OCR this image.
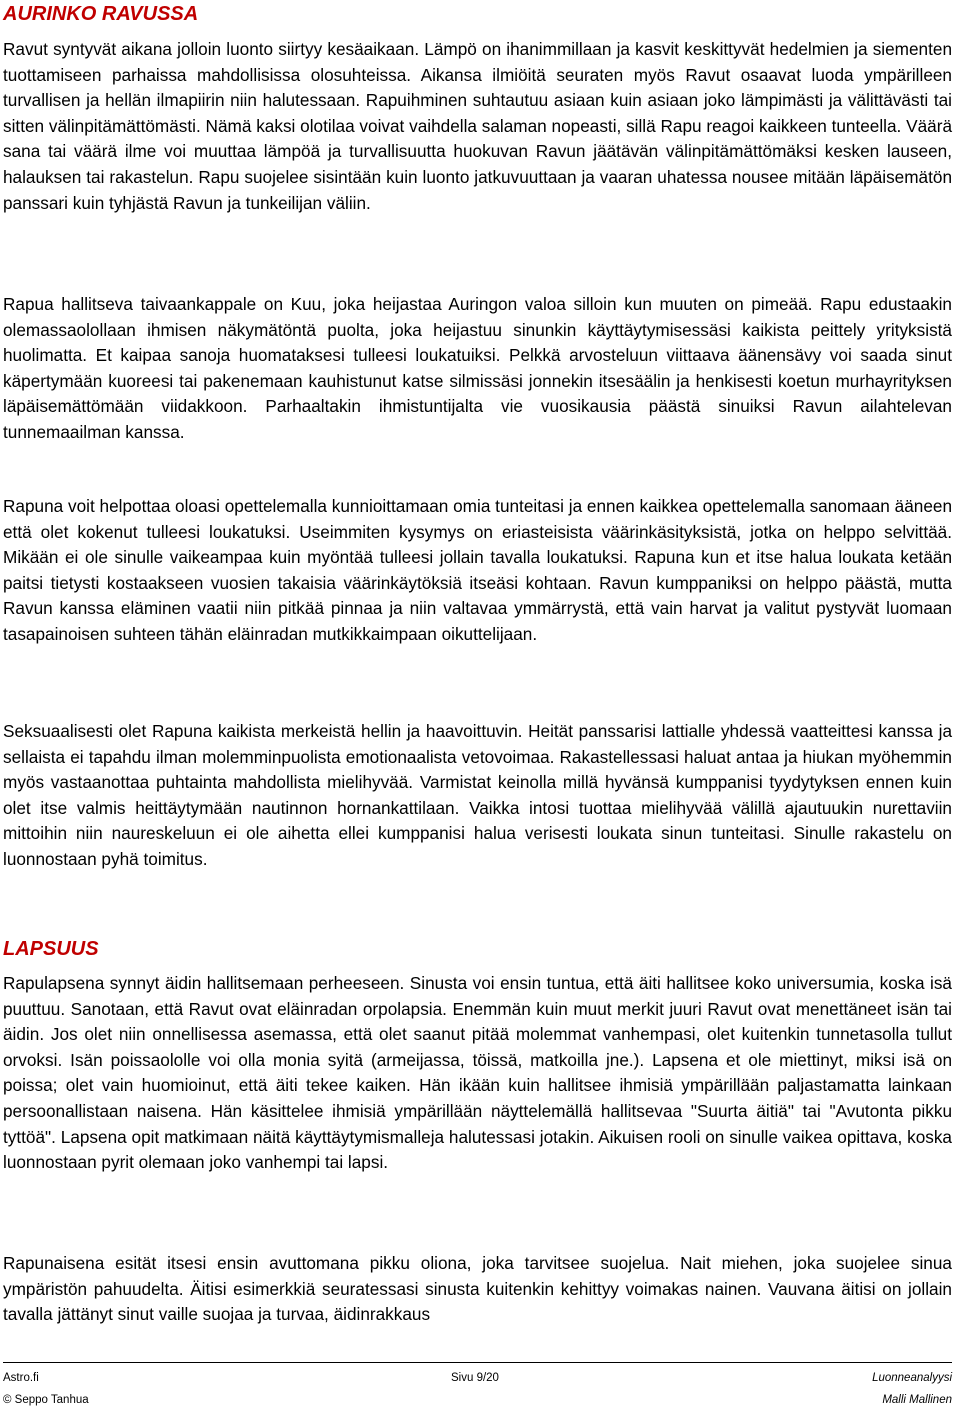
AURINKO RAVUSSA

Ravut syntyvät aikana jolloin luonto siirtyy kesäaikaan. Lämpö on ihanimmillaan ja kasvit keskittyvät hedelmien ja siementen tuottamiseen parhaissa mahdollisissa olosuhteissa. Aikansa ilmiöitä seuraten myös Ravut osaavat luoda ympärilleen turvallisen ja hellän ilmapiirin niin halutessaan. Rapuihminen suhtautuu asiaan kuin asiaan joko lämpimästi ja välittävästi tai sitten välinpitämättömästi. Nämä kaksi olotilaa voivat vaihdella salaman nopeasti, sillä Rapu reagoi kaikkeen tunteella. Väärä sana tai väärä ilme voi muuttaa lämpöä ja turvallisuutta huokuvan Ravun jäätävän välinpitämättömäksi kesken lauseen, halauksen tai rakastelun. Rapu suojelee sisintään kuin luonto jatkuvuuttaan ja vaaran uhatessa nousee mitään läpäisemätön panssari kuin tyhjästä Ravun ja tunkeilijan väliin.

Rapua hallitseva taivaankappale on Kuu, joka heijastaa Auringon valoa silloin kun muuten on pimeää. Rapu edustaakin olemassaolollaan ihmisen näkymätöntä puolta, joka heijastuu sinunkin käyttäytymisessäsi kaikista peittely yrityksistä huolimatta. Et kaipaa sanoja huomataksesi tulleesi loukatuiksi. Pelkkä arvosteluun viittaava äänensävy voi saada sinut käpertymään kuoreesi tai pakenemaan kauhistunut katse silmissäsi jonnekin itsesäälin ja henkisesti koetun murhayrityksen läpäisemättömään viidakkoon. Parhaaltakin ihmistuntijalta vie vuosikausia päästä sinuiksi Ravun ailahtelevan tunnemaailman kanssa.

Rapuna voit helpottaa oloasi opettelemalla kunnioittamaan omia tunteitasi ja ennen kaikkea opettelemalla sanomaan ääneen että olet kokenut tulleesi loukatuksi. Useimmiten kysymys on eriasteisista väärinkäsityksistä, jotka on helppo selvittää. Mikään ei ole sinulle vaikeampaa kuin myöntää tulleesi jollain tavalla loukatuksi. Rapuna kun et itse halua loukata ketään paitsi tietysti kostaakseen vuosien takaisia väärinkäytöksiä itseäsi kohtaan. Ravun kumppaniksi on helppo päästä, mutta Ravun kanssa eläminen vaatii niin pitkää pinnaa ja niin valtavaa ymmärrystä, että vain harvat ja valitut pystyvät luomaan tasapainoisen suhteen tähän eläinradan mutkikkaimpaan oikuttelijaan.

Seksuaalisesti olet Rapuna kaikista merkeistä hellin ja haavoittuvin. Heität panssarisi lattialle yhdessä vaatteittesi kanssa ja sellaista ei tapahdu ilman molemminpuolista emotionaalista vetovoimaa. Rakastellessasi haluat antaa ja hiukan myöhemmin myös vastaanottaa puhtainta mahdollista mielihyvää. Varmistat keinolla millä hyvänsä kumppanisi tyydytyksen ennen kuin olet itse valmis heittäytymään nautinnon hornankattilaan. Vaikka intosi tuottaa mielihyvää välillä ajautuukin nurettaviin mittoihin niin naureskeluun ei ole aihetta ellei kumppanisi halua verisesti loukata sinun tunteitasi. Sinulle rakastelu on luonnostaan pyhä toimitus.

LAPSUUS

Rapulapsena synnyt äidin hallitsemaan perheeseen. Sinusta voi ensin tuntua, että äiti hallitsee koko universumia, koska isä puuttuu. Sanotaan, että Ravut ovat eläinradan orpolapsia. Enemmän kuin muut merkit juuri Ravut ovat menettäneet isän tai äidin. Jos olet niin onnellisessa asemassa, että olet saanut pitää molemmat vanhempasi, olet kuitenkin tunnetasolla tullut orvoksi. Isän poissaololle voi olla monia syitä (armeijassa, töissä, matkoilla jne.). Lapsena et ole miettinyt, miksi isä on poissa; olet vain huomioinut, että äiti tekee kaiken. Hän ikään kuin hallitsee ihmisiä ympärillään paljastamatta lainkaan persoonallistaan naisena. Hän käsittelee ihmisiä ympärillään näyttelemällä hallitsevaa "Suurta äitiä" tai "Avutonta pikku tyttöä". Lapsena opit matkimaan näitä käyttäytymismalleja halutessasi jotakin. Aikuisen rooli on sinulle vaikea opittava, koska luonnostaan pyrit olemaan joko vanhempi tai lapsi.

Rapunaisena esität itsesi ensin avuttomana pikku oliona, joka tarvitsee suojelua. Nait miehen, joka suojelee sinua ympäristön pahuudelta. Äitisi esimerkkiä seuratessasi sinusta kuitenkin kehittyy voimakas nainen. Vauvana äitisi on jollain tavalla jättänyt sinut vaille suojaa ja turvaa, äidinrakkaus

Astro.fi	Sivu 9/20	Luonneanalyysi
© Seppo Tanhua	Malli Mallinen
